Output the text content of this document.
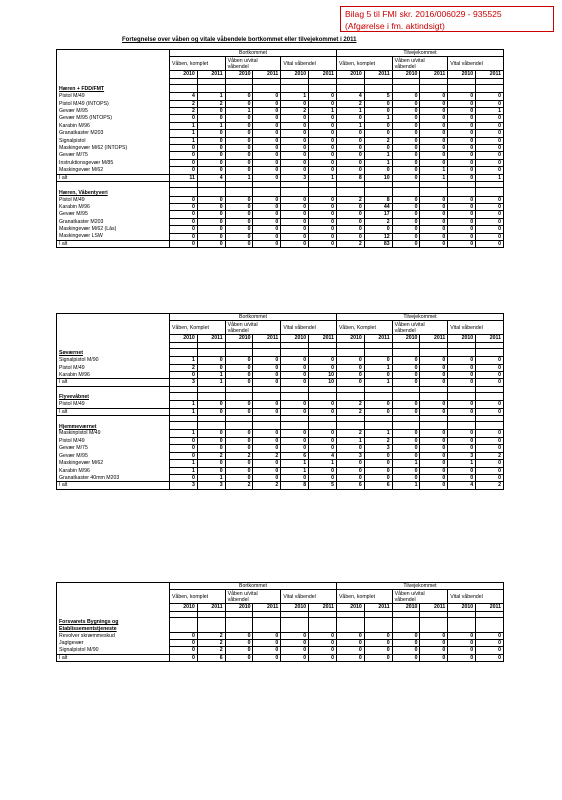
Bilag 5 til FMI skr. 2016/006029 - 935525
(Afgørelse i fm. aktindsigt)
Fortegnelse over våben og vitale våbendele bortkommet eller tilvejekommet i 2011
	Bortkommet						Tilvejekommet					
	Våben, komplet		Våben u/vital våbendel		Vital våbendel		Våben, komplet		Våben u/vital våbendel		Vital våbendel	
	2010	2011	2010	2011	2010	2011	2010	2011	2010	2011	2010	2011

Hæren + FDD/FMT												
Pistol M/49	4	1	0	0	1	0	4	5	0	0	0	0
Pistol M/49 (INTOPS)	2	2	0	0	0	0	2	0	0	0	0	0
Gevær M/95	2	0	1	0	2	1	1	0	0	0	0	1
Gevær M/95 (INTOPS)	0	0	0	0	0	0	0	1	0	0	0	0
Karabin M/96	1	1	0	0	0	0	1	0	0	0	0	0
Granatkaster M203	1	0	0	0	0	0	0	0	0	0	0	0
Signalpistol	1	0	0	0	0	0	0	2	0	0	0	0
Maskingevær M/62 (INTOPS)	0	0	0	0	0	0	0	0	0	0	0	0
Gevær M/75	0	0	0	0	0	0	0	1	0	0	0	0
Instruktionsgevær M/85	0	0	0	0	0	0	0	1	0	0	0	0
Maskingevær M/62	0	0	0	0	0	0	0	0	0	1	0	0
I alt	11	4	1	0	3	1	8	10	0	1	0	1

Hæren, Våbentyveri												
Pistol M/49	0	0	0	0	0	0	2	8	0	0	0	0
Karabin M/96	0	0	0	0	0	0	0	44	0	0	0	0
Gevær M/95	0	0	0	0	0	0	0	17	0	0	0	0
Granatkaster M203	0	0	0	0	0	0	0	2	0	0	0	0
Maskingevær M/62 (Lås)	0	0	0	0	0	0	0	0	0	0	0	0
Maskingevær LSW	0	0	0	0	0	0	0	12	0	0	0	0
I alt	0	0	0	0	0	0	2	83	0	0	0	0
	Bortkommet						Tilvejekommet					
	Våben, Komplet		Våben u/vital våbendel		Vital våbendel		Våben, Komplet		Våben u/vital våbendel		Vital våbendel	
	2010	2011	2010	2011	2010	2011	2010	2011	2010	2011	2010	2011

Søværnet												
Signalpistol M/90	1	0	0	0	0	0	0	0	0	0	0	0
Pistol M/49	2	0	0	0	0	0	0	1	0	0	0	0
Karabin M/96	0	1	0	0	0	10	0	0	0	0	0	0
I alt	3	1	0	0	0	10	0	1	0	0	0	0

Flyvevåbnet												
Pistol M/49	1	0	0	0	0	0	2	0	0	0	0	0
I alt	1	0	0	0	0	0	2	0	0	0	0	0

Hjemmeværnet												
Maskinpistol M/49	1	0	0	0	0	0	2	1	0	0	0	0
Pistol M/49	0	0	0	0	0	0	1	2	0	0	0	0
Gevær M/75	0	0	0	0	0	0	0	3	0	0	0	0
Gevær M/95	0	2	2	2	6	4	3	0	0	0	3	2
Maskingevær M/62	1	0	0	0	1	1	0	0	1	0	1	0
Karabin M/96	1	0	0	0	1	0	0	0	0	0	0	0
Granatkaster 40mm M203	0	1	0	0	0	0	0	0	0	0	0	0
I alt	3	3	2	2	8	5	6	6	1	0	4	2
	Bortkommet						Tilvejekommet					
	Våben, komplet		Våben u/vital våbendel		Vital våbendel		Våben, komplet		Våben u/vital våbendel		Vital våbendel	
	2010	2011	2010	2011	2010	2011	2010	2011	2010	2011	2010	2011

Forsvarets Bygnings og Etablissementstjeneste												
Revolver skræmmeskud	0	2	0	0	0	0	0	0	0	0	0	0
Jagtgevær	0	2	0	0	0	0	0	0	0	0	0	0
Signalpistol M/90	0	2	0	0	0	0	0	0	0	0	0	0
I alt	0	6	0	0	0	0	0	0	0	0	0	0
